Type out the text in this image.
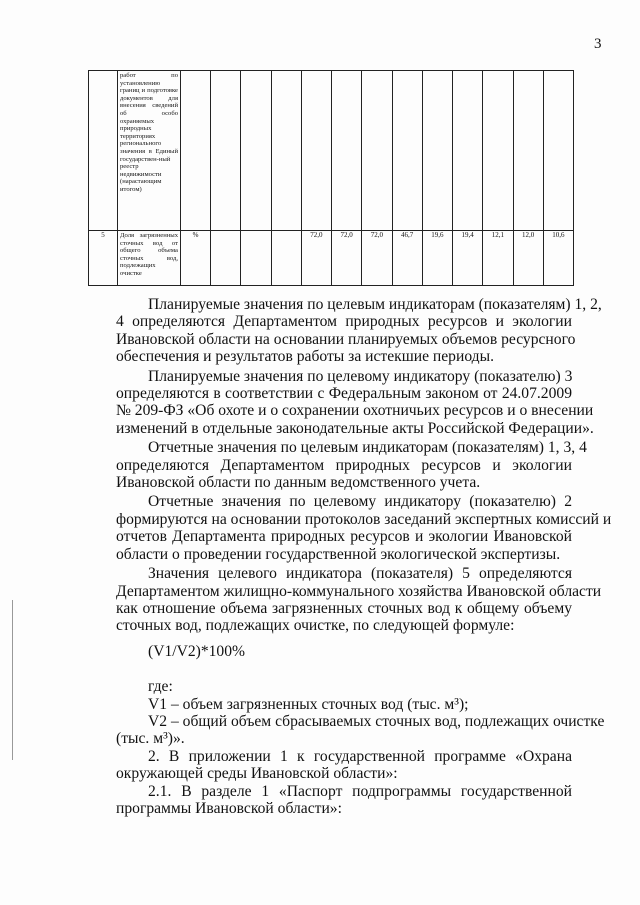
3
	работ по установлению границ и подготовке документов для внесения сведений об особо охраняемых природных территориях регионального значения в Единый государствен-ный реестр недвижимости (нарастающим итогом)													
5	Доля загрязненных сточных вод от общего объема сточных вод, подлежащих очистке	%				72,0	72,0	72,0	46,7	19,6	19,4	12,1	12,0	10,6
Планируемые значения по целевым индикаторам (показателям) 1, 2,
4 определяются Департаментом природных ресурсов и экологии
Ивановской области на основании планируемых объемов ресурсного
обеспечения и результатов работы за истекшие периоды.
Планируемые значения по целевому индикатору (показателю) 3
определяются в соответствии с Федеральным законом от 24.07.2009
№ 209-ФЗ «Об охоте и о сохранении охотничьих ресурсов и о внесении
изменений в отдельные законодательные акты Российской Федерации».
Отчетные значения по целевым индикаторам (показателям) 1, 3, 4
определяются Департаментом природных ресурсов и экологии
Ивановской области по данным ведомственного учета.
Отчетные значения по целевому индикатору (показателю) 2
формируются на основании протоколов заседаний экспертных комиссий и
отчетов Департамента природных ресурсов и экологии Ивановской
области о проведении государственной экологической экспертизы.
Значения целевого индикатора (показателя) 5 определяются
Департаментом жилищно-коммунального хозяйства Ивановской области
как отношение объема загрязненных сточных вод к общему объему
сточных вод, подлежащих очистке, по следующей формуле:
(V1/V2)*100%
где:
V1 – объем загрязненных сточных вод (тыс. м³);
V2 – общий объем сбрасываемых сточных вод, подлежащих очистке
(тыс. м³)».
2. В приложении 1 к государственной программе «Охрана
окружающей среды Ивановской области»:
2.1. В разделе 1 «Паспорт подпрограммы государственной
программы Ивановской области»:
